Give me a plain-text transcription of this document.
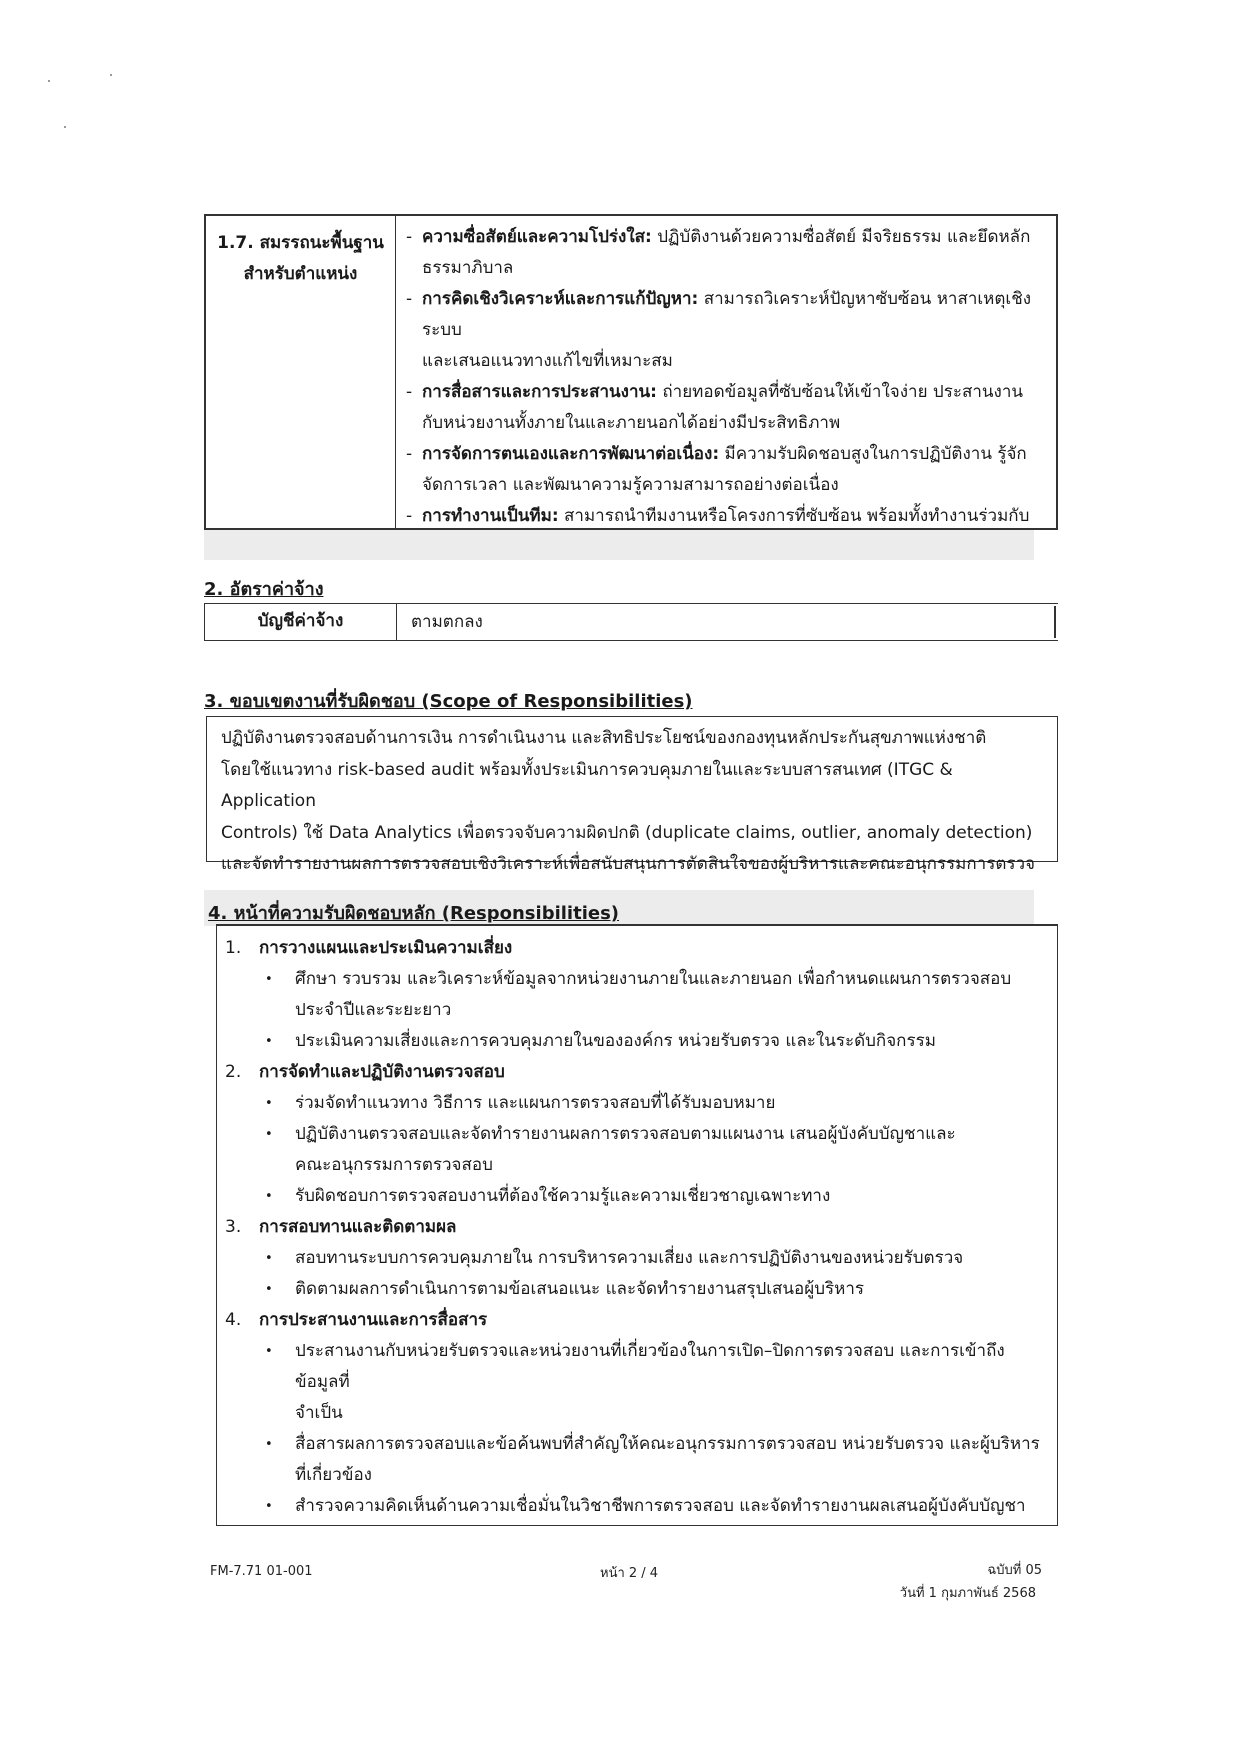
1.7. สมรรถนะพื้นฐาน
สำหรับตำแหน่ง
- ความซื่อสัตย์และความโปร่งใส: ปฏิบัติงานด้วยความซื่อสัตย์ มีจริยธรรม และยึดหลัก
ธรรมาภิบาล
- การคิดเชิงวิเคราะห์และการแก้ปัญหา: สามารถวิเคราะห์ปัญหาซับซ้อน หาสาเหตุเชิงระบบ
และเสนอแนวทางแก้ไขที่เหมาะสม
- การสื่อสารและการประสานงาน: ถ่ายทอดข้อมูลที่ซับซ้อนให้เข้าใจง่าย ประสานงาน
กับหน่วยงานทั้งภายในและภายนอกได้อย่างมีประสิทธิภาพ
- การจัดการตนเองและการพัฒนาต่อเนื่อง: มีความรับผิดชอบสูงในการปฏิบัติงาน รู้จัก
จัดการเวลา และพัฒนาความรู้ความสามารถอย่างต่อเนื่อง
- การทำงานเป็นทีม: สามารถนำทีมงานหรือโครงการที่ซับซ้อน พร้อมทั้งทำงานร่วมกับ
2. อัตราค่าจ้าง
บัญชีค่าจ้าง	ตามตกลง
3. ขอบเขตงานที่รับผิดชอบ (Scope of Responsibilities)

ปฏิบัติงานตรวจสอบด้านการเงิน การดำเนินงาน และสิทธิประโยชน์ของกองทุนหลักประกันสุขภาพแห่งชาติ

โดยใช้แนวทาง risk-based audit พร้อมทั้งประเมินการควบคุมภายในและระบบสารสนเทศ (ITGC & Application

Controls) ใช้ Data Analytics เพื่อตรวจจับความผิดปกติ (duplicate claims, outlier, anomaly detection)

และจัดทำรายงานผลการตรวจสอบเชิงวิเคราะห์เพื่อสนับสนุนการตัดสินใจของผู้บริหารและคณะอนุกรรมการตรวจ

4. หน้าที่ความรับผิดชอบหลัก (Responsibilities)
1.	การวางแผนและประเมินความเสี่ยง
•	ศึกษา รวบรวม และวิเคราะห์ข้อมูลจากหน่วยงานภายในและภายนอก เพื่อกำหนดแผนการตรวจสอบ
ประจำปีและระยะยาว
•	ประเมินความเสี่ยงและการควบคุมภายในขององค์กร หน่วยรับตรวจ และในระดับกิจกรรม
2.	การจัดทำและปฏิบัติงานตรวจสอบ
•	ร่วมจัดทำแนวทาง วิธีการ และแผนการตรวจสอบที่ได้รับมอบหมาย
•	ปฏิบัติงานตรวจสอบและจัดทำรายงานผลการตรวจสอบตามแผนงาน เสนอผู้บังคับบัญชาและ
คณะอนุกรรมการตรวจสอบ
•	รับผิดชอบการตรวจสอบงานที่ต้องใช้ความรู้และความเชี่ยวชาญเฉพาะทาง
3.	การสอบทานและติดตามผล
•	สอบทานระบบการควบคุมภายใน การบริหารความเสี่ยง และการปฏิบัติงานของหน่วยรับตรวจ
•	ติดตามผลการดำเนินการตามข้อเสนอแนะ และจัดทำรายงานสรุปเสนอผู้บริหาร
4.	การประสานงานและการสื่อสาร
•	ประสานงานกับหน่วยรับตรวจและหน่วยงานที่เกี่ยวข้องในการเปิด–ปิดการตรวจสอบ และการเข้าถึงข้อมูลที่
จำเป็น
•	สื่อสารผลการตรวจสอบและข้อค้นพบที่สำคัญให้คณะอนุกรรมการตรวจสอบ หน่วยรับตรวจ และผู้บริหาร
ที่เกี่ยวข้อง
•	สำรวจความคิดเห็นด้านความเชื่อมั่นในวิชาชีพการตรวจสอบ และจัดทำรายงานผลเสนอผู้บังคับบัญชา
FM-7.71 01-001	หน้า 2 / 4	ฉบับที่ 05
วันที่ 1 กุมภาพันธ์ 2568
